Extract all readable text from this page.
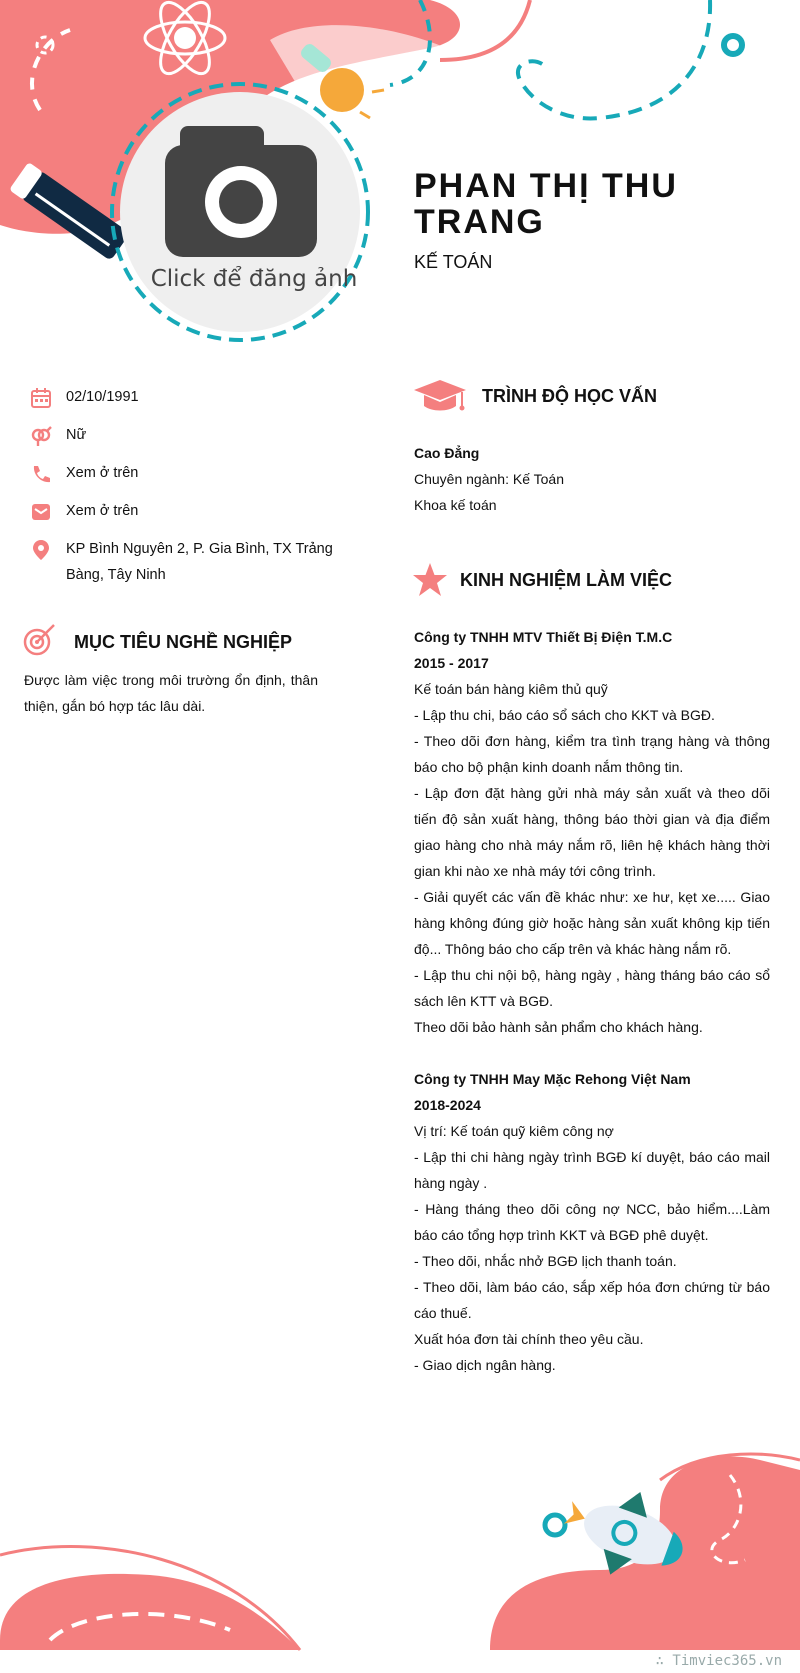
Click để đăng ảnh
PHAN THỊ THU TRANG
KẾ TOÁN
02/10/1991
Nữ
Xem ở trên
Xem ở trên
KP Bình Nguyên 2, P. Gia Bình, TX Trảng Bàng, Tây Ninh
MỤC TIÊU NGHỀ NGHIỆP
Được làm việc trong môi trường ổn định, thân thiện, gắn bó hợp tác lâu dài.
TRÌNH ĐỘ HỌC VẤN

Cao Đẳng

Chuyên ngành: Kế Toán

Khoa kế toán

KINH NGHIỆM LÀM VIỆC

Công ty TNHH MTV Thiết Bị Điện T.M.C

2015 - 2017

Kế toán bán hàng kiêm thủ quỹ

- Lập thu chi, báo cáo sổ sách cho KKT và BGĐ.

- Theo dõi đơn hàng, kiểm tra tình trạng hàng và thông báo cho bộ phận kinh doanh nắm thông tin.

- Lập đơn đặt hàng gửi nhà máy sản xuất và theo dõi tiến độ sản xuất hàng, thông báo thời gian và địa điểm giao hàng cho nhà máy nắm rõ, liên hệ khách hàng thời gian khi nào xe nhà máy tới công trình.

- Giải quyết các vấn đề khác như: xe hư, kẹt xe..... Giao hàng không đúng giờ hoặc hàng sản xuất không kịp tiến độ... Thông báo cho cấp trên và khác hàng nắm rõ.

- Lập thu chi nội bộ, hàng ngày , hàng tháng báo cáo sổ sách lên KTT và BGĐ.

Theo dõi bảo hành sản phẩm cho khách hàng.

Công ty TNHH May Mặc Rehong Việt Nam

2018-2024

Vị trí: Kế toán quỹ kiêm công nợ

- Lập thi chi hàng ngày trình BGĐ kí duyệt, báo cáo mail hàng ngày .

- Hàng tháng theo dõi công nợ NCC, bảo hiểm....Làm báo cáo tổng hợp trình KKT và BGĐ phê duyệt.

- Theo dõi, nhắc nhở BGĐ lịch thanh toán.

- Theo dõi, làm báo cáo, sắp xếp hóa đơn chứng từ báo cáo thuế.

Xuất hóa đơn tài chính theo yêu cầu.

- Giao dịch ngân hàng.

∴ Timviec365.vn
